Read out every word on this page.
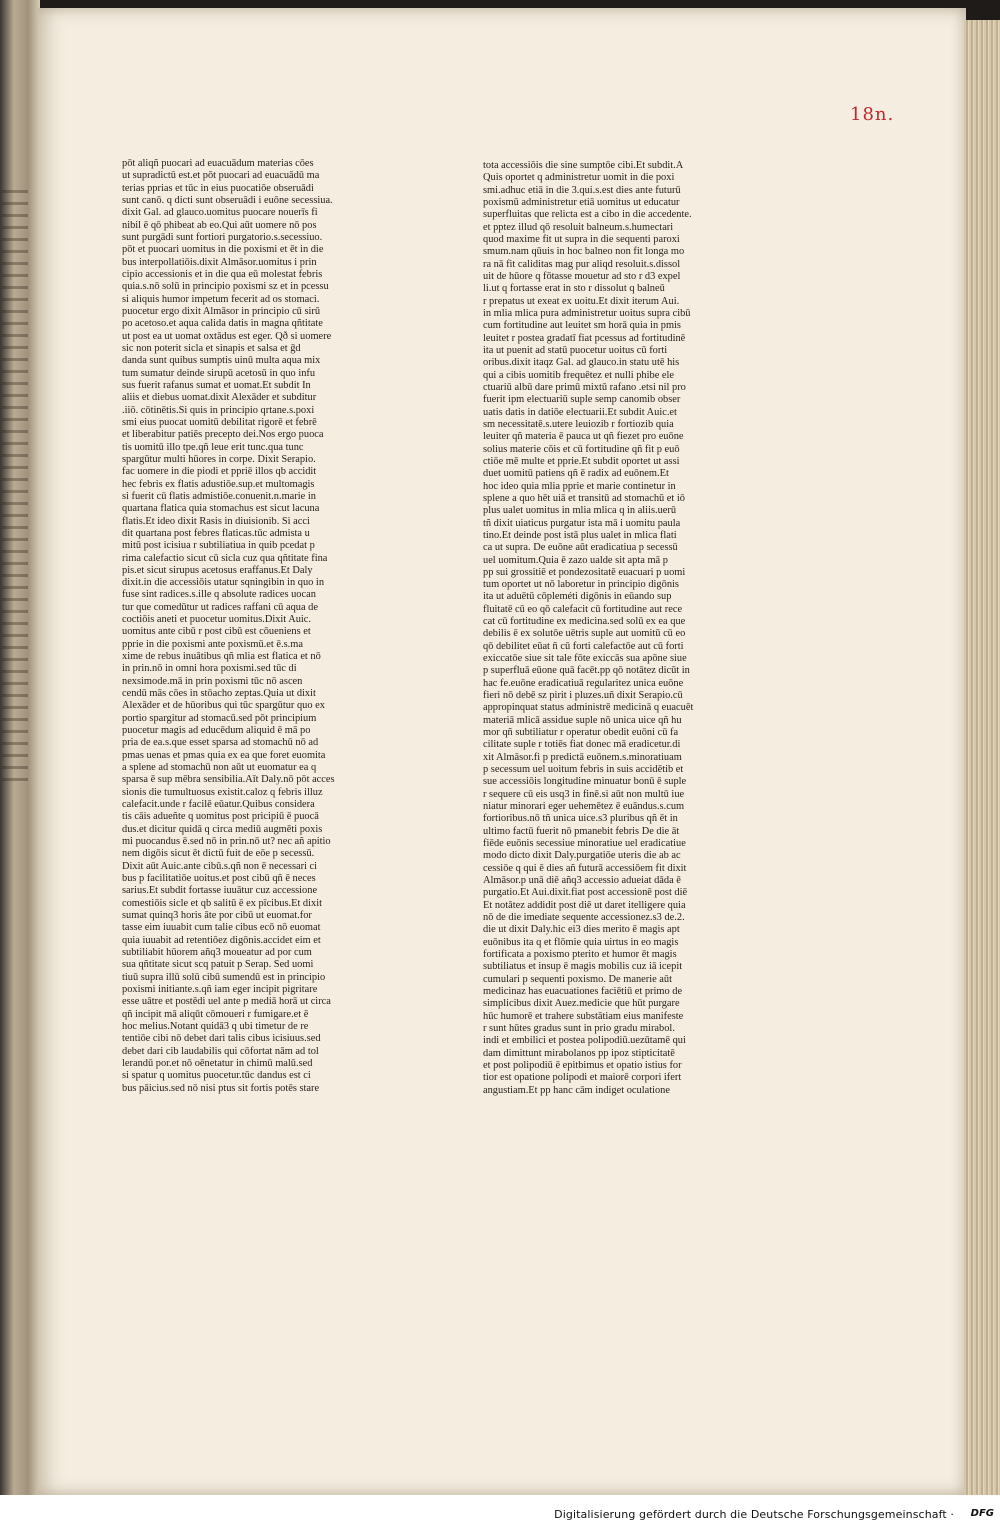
18n.
pōt aliqñ puocari ad euacuādum materias cōes
ut supradictū est.et pōt puocari ad euacuādū ma
terias pprias et tūc in eius puocatiōe obseruādi
sunt canō. q dicti sunt obseruādi i euōne secessiua.
dixit Gal. ad glauco.uomitus puocare nouerīs fi
nibil ē qō phibeat ab eo.Qui aūt uomere nō pos
sunt purgādi sunt fortiori purgatorio.s.secessiuo.
pōt et puocari uomitus in die poxismi et ēt in die
bus interpollatiōis.dixit Almāsor.uomitus i prin
cipio accessionis et in die qua eū molestat febris
quia.s.nō solū in principio poxismi sz et in pcessu
si aliquis humor impetum fecerit ad os stomaci.
puocetur ergo dixit Almāsor in principio cū sirū
po acetoso.et aqua calida datis in magna qñtitate
ut post ea ut uomat oxtādus est eger. Qð si uomere
sic non poterit sicla et sinapis et salsa et ḡd
danda sunt quibus sumptis uinū multa aqua mix
tum sumatur deinde sirupū acetosū in quo infu
sus fuerit rafanus sumat et uomat.Et subdit In
aliis et diebus uomat.dixit Alexāder et subditur
.iiō. cōtinētis.Si quis in principio qrtane.s.poxi
smi eius puocat uomitū debilitat rigorē et febrē
et liberabitur patiēs precepto dei.Nos ergo puoca
tis uomitū illo tpe.qñ leue erit tunc.qua tunc
spargūtur multi hūores in corpe. Dixit Serapio.
fac uomere in die piodi et ppriē illos qb accidit
hec febris ex flatis adustiōe.sup.et multomagis
si fuerit cū flatis admistiōe.conuenit.n.marie in
quartana flatica quia stomachus est sicut lacuna
flatis.Et ideo dixit Rasis in diuisionib. Si acci
dit quartana post febres flaticas.tūc admista u
mitū post icisiua r subtiliatiua in quib pcedat p
rima calefactio sicut cū sicla cuz qua qñtitate fina
pis.et sicut sirupus acetosus eraffanus.Et Daly
dixit.in die accessiōis utatur sqningibin in quo in
fuse sint radices.s.ille q absolute radices uocan
tur que comedūtur ut radices raffani cū aqua de
coctiōis aneti et puocetur uomitus.Dixit Auic.
uomitus ante cibū r post cibū est cōueniens et
pprie in die poxismi ante poxismū.et ē.s.ma
xime de rebus inuātibus qñ mlia est flatica et nō
in prin.nō in omni hora poxismi.sed tūc di
nexsimode.mā in prin poxismi tūc nō ascen
cendū mās cōes in stōacho zeptas.Quia ut dixit
Alexāder et de hūoribus qui tūc spargūtur quo ex
portio spargitur ad stomacū.sed pōt principium
puocetur magis ad educēdum aliquid ē mā po
pria de ea.s.que esset sparsa ad stomachū nō ad
pmas uenas et pmas quia ex ea que foret euomita
a splene ad stomachū non aūt ut euomatur ea q
sparsa ē sup mēbra sensibilia.Aīt Daly.nō pōt acces
sionis die tumultuosus existit.caloz q febris illuz
calefacit.unde r facilē eūatur.Quibus considera
tis cāis adueñte q uomitus post pricipiū ē puocā
dus.et dicitur quidā q circa mediū augmēti poxis
mi puocandus ē.sed nō in prin.nō ut? nec añ apitio
nem digōis sicut ēt dictū fuit de eōe p secessū.
Dixit aūt Auic.ante cibū.s.qñ non ē necessari ci
bus p facilitatiōe uoitus.et post cibū qñ ē neces
sarius.Et subdit fortasse iuuātur cuz accessione
comestiōis sicle et qb salitū ē ex pīcibus.Et dixit
sumat quinq3 horis āte por cibū ut euomat.for
tasse eim iuuabit cum talie cibus ecō nō euomat
quia iuuabit ad retentiōez digōnis.accidet eim et
subtiliabit hūorem añq3 moueatur ad por cum
sua qñtitate sicut scq patuit p Serap. Sed uomi
tiuū supra illū solū cibū sumendū est in principio
poxismi initiante.s.qñ iam eger incipit pigritare
esse uātre et postēdi uel ante p mediā horā ut circa
qñ incipit mā aliqūt cōmoueri r fumigare.et ē
hoc melius.Notant quidā3 q ubi timetur de re
tentiōe cibi nō debet dari talis cibus icisiuus.sed
debet dari cib laudabilis qui cōfortat nām ad tol
lerandū por.et nō oēnetatur in chimū malū.sed
si spatur q uomitus puocetur.tūc dandus est ci
bus pāicius.sed nō nisi ptus sit fortis potēs stare
tota accessiōis die sine sumptōe cibi.Et subdit.A
Quis oportet q administretur uomit in die poxi
smi.adhuc etiā in die 3.qui.s.est dies ante futurū
poxismū administretur etiā uomitus ut educatur
superfluitas que relicta est a cibo in die accedente.
et pptez illud qō resoluit balneum.s.humectari
quod maxime fit ut supra in die sequenti paroxi
smum.nam qūuis in hoc balneo non fit longa mo
ra nā fit caliditas mag pur aliqd resoluit.s.dissol
uit de hūore q fōtasse mouetur ad sto r d3 expel
li.ut q fortasse erat in sto r dissolut q balneū
r prepatus ut exeat ex uoitu.Et dixit iterum Aui.
in mlia mlica pura administretur uoitus supra cibū
cum fortitudine aut leuitet sm horā quia in pmis
leuitet r postea gradatī fiat pcessus ad fortitudinē
ita ut puenit ad statū puocetur uoitus cū forti
oribus.dixit itaqz Gal. ad glauco.in statu utē his
qui a cibis uomitib frequētez et nulli phibe ele
ctuariū albū dare primū mixtū rafano .etsi nil pro
fuerit ipm electuariū suple semp canomib obser
uatis datis in datiōe electuarii.Et subdit Auic.et
sm necessitatē.s.utere leuiozib r fortiozib quia
leuiter qñ materia ē pauca ut qñ fiezet pro euōne
solius materie cōis et cū fortitudine qñ fit p euō
ctiōe mē multe et pprie.Et subdit oportet ut assi
duet uomitū patiens qñ ē radix ad euōnem.Et
hoc ideo quia mlia pprie et marie continetur in
splene a quo hēt uiā et transitū ad stomachū et iō
plus ualet uomitus in mlia mlica q in aliis.uerū
tñ dixit uiaticus purgatur ista mā i uomitu paula
tino.Et deinde post istā plus ualet in mlica flati
ca ut supra. De euōne aūt eradicatiua p secessū
uel uomitum.Quia ē zazo ualde sit apta mā p
pp sui grossitiē et pondezositatē euacuari p uomi
tum oportet ut nō laboretur in principio digōnis
ita ut aduētū cōpleméti digōnis in eūando sup
fluitatē cū eo qō calefacit cū fortitudine aut rece
cat cū fortitudine ex medicina.sed solū ex ea que
debilis ē ex solutōe uētris suple aut uomitū cū eo
qō debilitet eūat ñ cū forti calefactōe aut cū forti
exiccatōe siue sit tale fōte exiccās sua apōne siue
p superfluā eūone quā facēt.pp qō notātez dicūt in
hac fe.euōne eradicatiuā regularitez unica euōne
fieri nō debē sz pirit i pluzes.uñ dixit Serapio.cū
appropinquat status administrē medicinā q euacuēt
materiā mlicā assidue suple nō unica uice qñ hu
mor qñ subtiliatur r operatur obedit euōni cū fa
cilitate suple r totiēs fiat donec mā eradicetur.di
xit Almāsor.fi p predictā euōnem.s.minoratiuam
p secessum uel uoitum febris in suis accidētib et
sue accessiōis longitudine minuatur bonū ē suple
r sequere cū eis usq3 in finē.si aūt non multū iue
niatur minorari eger uehemētez ē euāndus.s.cum
fortioribus.nō tñ unica uice.s3 pluribus qñ ēt in
ultimo factū fuerit nō pmanebit febris De die āt
fiēde euōnis secessiue minoratiue uel eradicatiue
modo dicto dixit Daly.purgatiōe uteris die ab ac
cessiōe q qui ē dies añ futurā accessiōem fit dixit
Almāsor.p unā diē añq3 accessio adueiat dāda ē
purgatio.Et Aui.dixit.fiat post accessionē post diē
Et notātez addidit post diē ut daret itelligere quia
nō de die imediate sequente accessionez.s3 de.2.
die ut dixit Daly.hic ei3 dies merito ē magis apt
euōnibus ita q et flōmie quia uirtus in eo magis
fortificata a poxismo pterito et humor ēt magis
subtiliatus et insup ē magis mobilis cuz iā icepit
cumulari p sequenti poxismo. De manerie aūt
medicinaz has euacuationes faciētiū et primo de
simplicibus dixit Auez.medicie que hūt purgare
hūc humorē et trahere substātiam eius manifeste
r sunt hūtes gradus sunt in prio gradu mirabol.
indi et embilici et postea polipodiū.uezūtamē qui
dam dimittunt mirabolanos pp ipoz stipticitatē
et post polipodiū ē epitbimus et opatio istius for
tior est opatione polipodi et maiorē corpori ifert
angustiam.Et pp hanc cām indiget oculatione
Digitalisierung gefördert durch die Deutsche Forschungsgemeinschaft · DFG
